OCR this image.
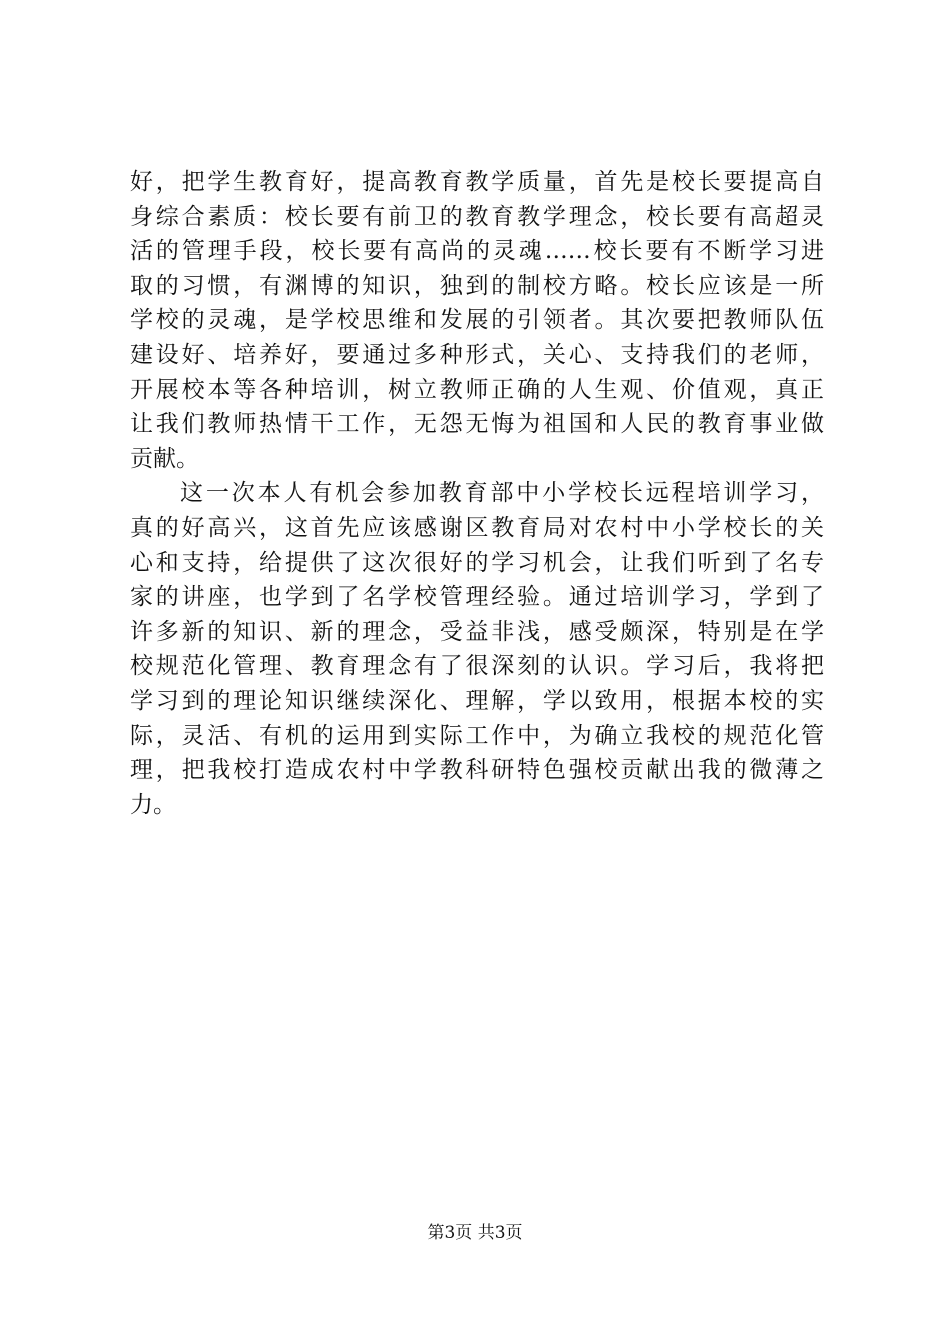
好，把学生教育好，提高教育教学质量，首先是校长要提高自
身综合素质：校长要有前卫的教育教学理念，校长要有高超灵
活的管理手段，校长要有高尚的灵魂……校长要有不断学习进
取的习惯，有渊博的知识，独到的制校方略。校长应该是一所
学校的灵魂，是学校思维和发展的引领者。其次要把教师队伍
建设好、培养好，要通过多种形式，关心、支持我们的老师，
开展校本等各种培训，树立教师正确的人生观、价值观，真正
让我们教师热情干工作，无怨无悔为祖国和人民的教育事业做
贡献。
这一次本人有机会参加教育部中小学校长远程培训学习，
真的好高兴，这首先应该感谢区教育局对农村中小学校长的关
心和支持，给提供了这次很好的学习机会，让我们听到了名专
家的讲座，也学到了名学校管理经验。通过培训学习，学到了
许多新的知识、新的理念，受益非浅，感受颇深，特别是在学
校规范化管理、教育理念有了很深刻的认识。学习后，我将把
学习到的理论知识继续深化、理解，学以致用，根据本校的实
际，灵活、有机的运用到实际工作中，为确立我校的规范化管
理，把我校打造成农村中学教科研特色强校贡献出我的微薄之
力。
第3页 共3页
